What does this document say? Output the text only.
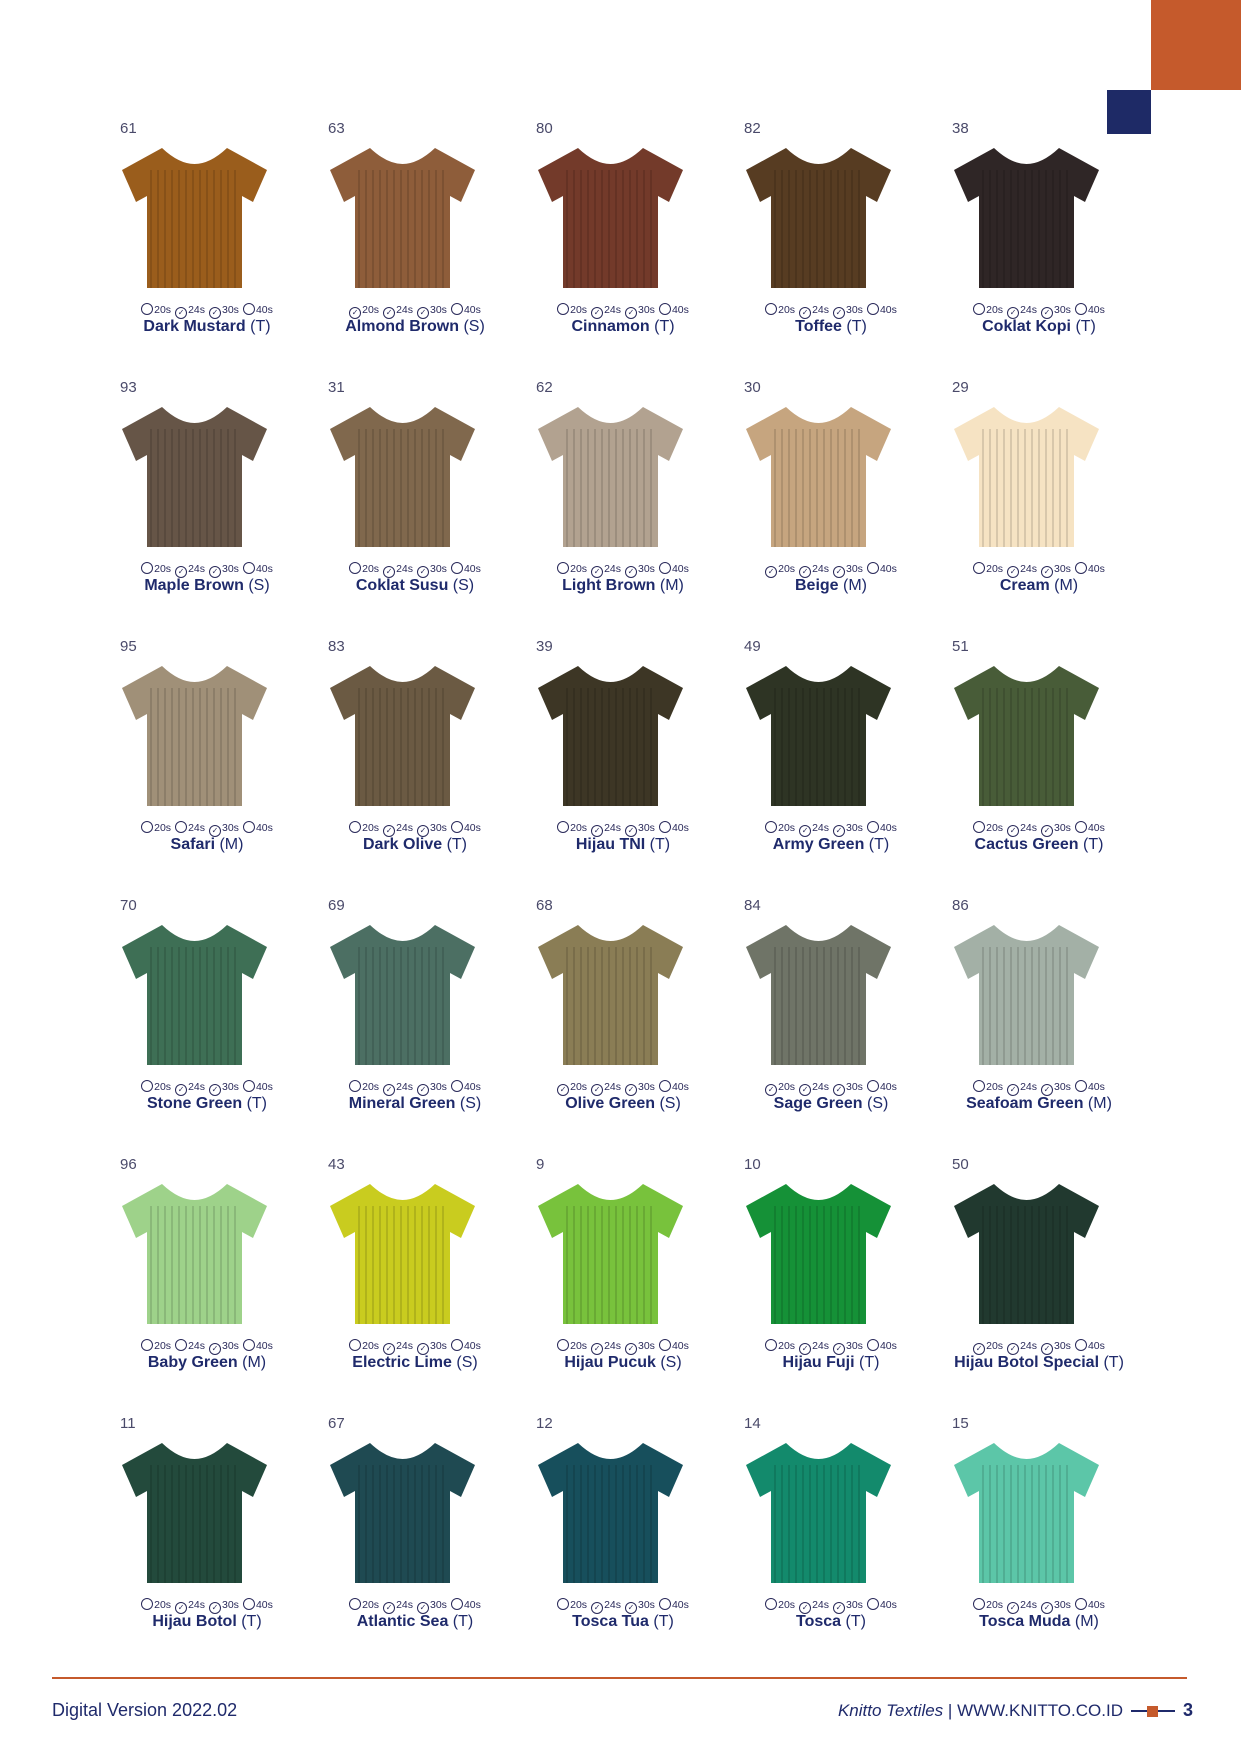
61
20s ✓ 24s ✓ 30s 40s
Dark Mustard (T)
63
✓ 20s ✓ 24s ✓ 30s 40s
Almond Brown (S)
80
20s ✓ 24s ✓ 30s 40s
Cinnamon (T)
82
20s ✓ 24s ✓ 30s 40s
Toffee (T)
38
20s ✓ 24s ✓ 30s 40s
Coklat Kopi (T)
93
20s ✓ 24s ✓ 30s 40s
Maple Brown (S)
31
20s ✓ 24s ✓ 30s 40s
Coklat Susu (S)
62
20s ✓ 24s ✓ 30s 40s
Light Brown (M)
30
✓ 20s ✓ 24s ✓ 30s 40s
Beige (M)
29
20s ✓ 24s ✓ 30s 40s
Cream (M)
95
20s 24s ✓ 30s 40s
Safari (M)
83
20s ✓ 24s ✓ 30s 40s
Dark Olive (T)
39
20s ✓ 24s ✓ 30s 40s
Hijau TNI (T)
49
20s ✓ 24s ✓ 30s 40s
Army Green (T)
51
20s ✓ 24s ✓ 30s 40s
Cactus Green (T)
70
20s ✓ 24s ✓ 30s 40s
Stone Green (T)
69
20s ✓ 24s ✓ 30s 40s
Mineral Green (S)
68
✓ 20s ✓ 24s ✓ 30s 40s
Olive Green (S)
84
✓ 20s ✓ 24s ✓ 30s 40s
Sage Green (S)
86
20s ✓ 24s ✓ 30s 40s
Seafoam Green (M)
96
20s 24s ✓ 30s 40s
Baby Green (M)
43
20s ✓ 24s ✓ 30s 40s
Electric Lime (S)
9
20s ✓ 24s ✓ 30s 40s
Hijau Pucuk (S)
10
20s ✓ 24s ✓ 30s 40s
Hijau Fuji (T)
50
✓ 20s ✓ 24s ✓ 30s 40s
Hijau Botol Special (T)
11
20s ✓ 24s ✓ 30s 40s
Hijau Botol (T)
67
20s ✓ 24s ✓ 30s 40s
Atlantic Sea (T)
12
20s ✓ 24s ✓ 30s 40s
Tosca Tua (T)
14
20s ✓ 24s ✓ 30s 40s
Tosca (T)
15
20s ✓ 24s ✓ 30s 40s
Tosca Muda (M)
Digital Version 2022.02	Knitto Textiles | WWW.KNITTO.CO.ID	3
